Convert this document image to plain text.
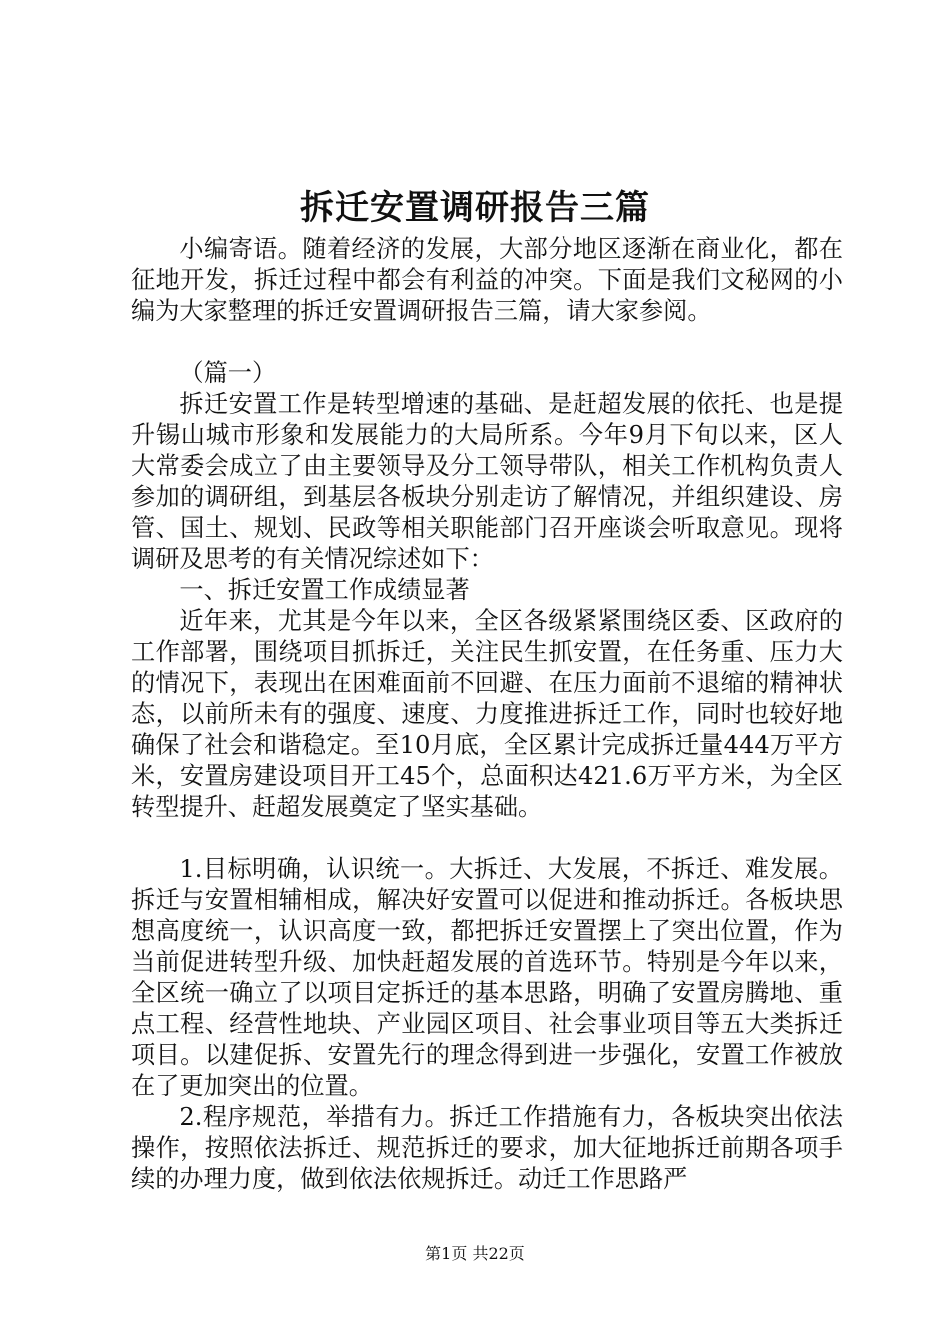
拆迁安置调研报告三篇

小编寄语。随着经济的发展，大部分地区逐渐在商业化，都在征地开发，拆迁过程中都会有利益的冲突。下面是我们文秘网的小编为大家整理的拆迁安置调研报告三篇，请大家参阅。

（篇一）

拆迁安置工作是转型增速的基础、是赶超发展的依托、也是提升锡山城市形象和发展能力的大局所系。今年9月下旬以来，区人大常委会成立了由主要领导及分工领导带队，相关工作机构负责人参加的调研组，到基层各板块分别走访了解情况，并组织建设、房管、国土、规划、民政等相关职能部门召开座谈会听取意见。现将调研及思考的有关情况综述如下：

一、拆迁安置工作成绩显著

近年来，尤其是今年以来，全区各级紧紧围绕区委、区政府的工作部署，围绕项目抓拆迁，关注民生抓安置，在任务重、压力大的情况下，表现出在困难面前不回避、在压力面前不退缩的精神状态，以前所未有的强度、速度、力度推进拆迁工作，同时也较好地确保了社会和谐稳定。至10月底，全区累计完成拆迁量444万平方米，安置房建设项目开工45个，总面积达421.6万平方米，为全区转型提升、赶超发展奠定了坚实基础。

1.目标明确，认识统一。大拆迁、大发展，不拆迁、难发展。拆迁与安置相辅相成，解决好安置可以促进和推动拆迁。各板块思想高度统一，认识高度一致，都把拆迁安置摆上了突出位置，作为当前促进转型升级、加快赶超发展的首选环节。特别是今年以来，全区统一确立了以项目定拆迁的基本思路，明确了安置房腾地、重点工程、经营性地块、产业园区项目、社会事业项目等五大类拆迁项目。以建促拆、安置先行的理念得到进一步强化，安置工作被放在了更加突出的位置。

2.程序规范，举措有力。拆迁工作措施有力，各板块突出依法操作，按照依法拆迁、规范拆迁的要求，加大征地拆迁前期各项手续的办理力度，做到依法依规拆迁。动迁工作思路严

第1页 共22页
